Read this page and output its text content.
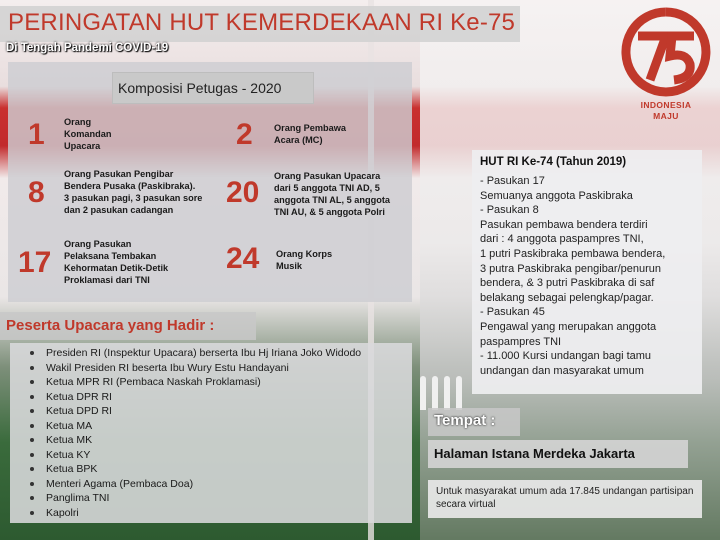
PERINGATAN HUT KEMERDEKAAN RI Ke-75
Di Tengah Pandemi COVID-19
INDONESIA
MAJU
Komposisi Petugas - 2020
1 Orang
Komandan
Upacara	2 Orang Pembawa
Acara (MC)
8
Orang Pasukan Pengibar
Bendera Pusaka (Paskibraka).
3 pasukan pagi, 3 pasukan sore
dan 2 pasukan cadangan
20 Orang Pasukan Upacara
dari 5 anggota TNI AD, 5
anggota TNI AL, 5 anggota
TNI AU, & 5 anggota Polri
17
Orang Pasukan
Pelaksana Tembakan
Kehormatan Detik-Detik
Proklamasi dari TNI
24 Orang Korps
Musik
Peserta Upacara yang Hadir :
Presiden RI (Inspektur Upacara) berserta Ibu Hj Iriana Joko Widodo
Wakil Presiden RI beserta Ibu Wury Estu Handayani
Ketua MPR RI (Pembaca Naskah Proklamasi)
Ketua DPR RI
Ketua DPD RI
Ketua MA
Ketua MK
Ketua KY
Ketua BPK
Menteri Agama (Pembaca Doa)
Panglima TNI
Kapolri
HUT RI Ke-74 (Tahun 2019)
- Pasukan 17
Semuanya anggota Paskibraka
- Pasukan 8
Pasukan pembawa bendera terdiri
dari : 4 anggota paspampres TNI,
1 putri Paskibraka pembawa bendera,
3 putra Paskibraka pengibar/penurun
bendera, & 3 putri Paskibraka di saf
belakang sebagai pelengkap/pagar.
- Pasukan 45
Pengawal yang merupakan anggota
paspampres TNI
- 11.000 Kursi undangan bagi tamu
undangan dan masyarakat umum
Tempat :
Halaman Istana Merdeka Jakarta
Untuk masyarakat umum ada 17.845 undangan partisipan secara virtual
